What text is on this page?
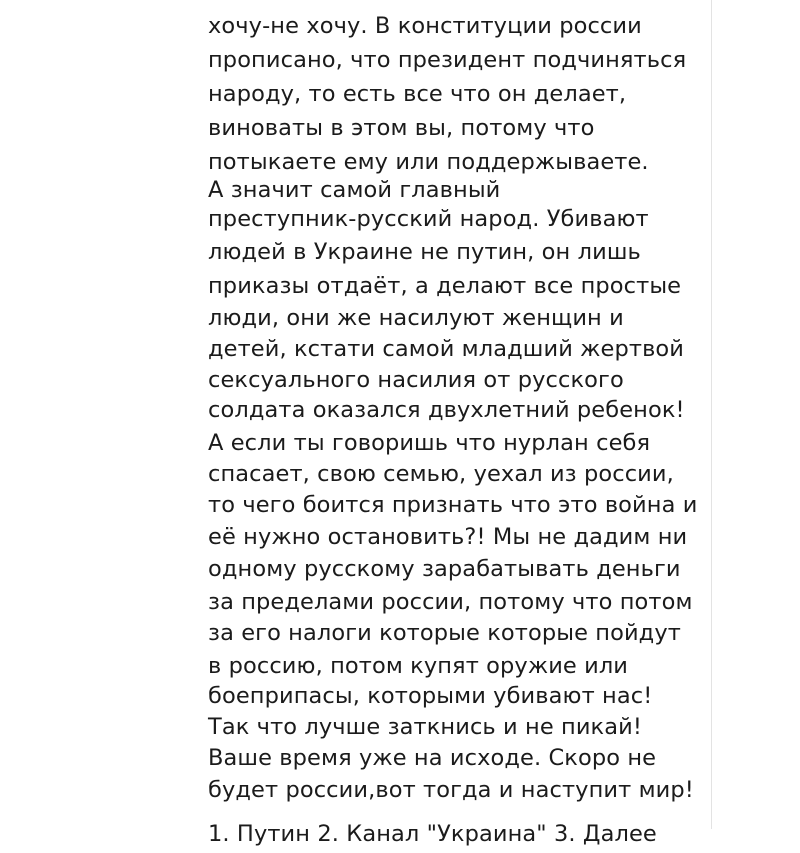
хочу-не хочу. В конституции россии
прописано, что президент подчиняться
народу, то есть все что он делает,
виноваты в этом вы, потому что
потыкаете ему или поддержываете.
А значит самой главный
преступник-русский народ. Убивают
людей в Украине не путин, он лишь
приказы отдаёт, а делают все простые
люди, они же насилуют женщин и
детей, кстати самой младший жертвой
сексуального насилия от русского
солдата оказался двухлетний ребенок!
А если ты говоришь что нурлан себя
спасает, свою семью, уехал из россии,
то чего боится признать что это война и
её нужно остановить?! Мы не дадим ни
одному русскому зарабатывать деньги
за пределами россии, потому что потом
за его налоги которые которые пойдут
в россию, потом купят оружие или
боеприпасы, которыми убивают нас!
Так что лучше заткнись и не пикай!
Ваше время уже на исходе. Скоро не
будет россии,вот тогда и наступит мир!
1. Путин 2. Канал "Украина" 3. Далее
